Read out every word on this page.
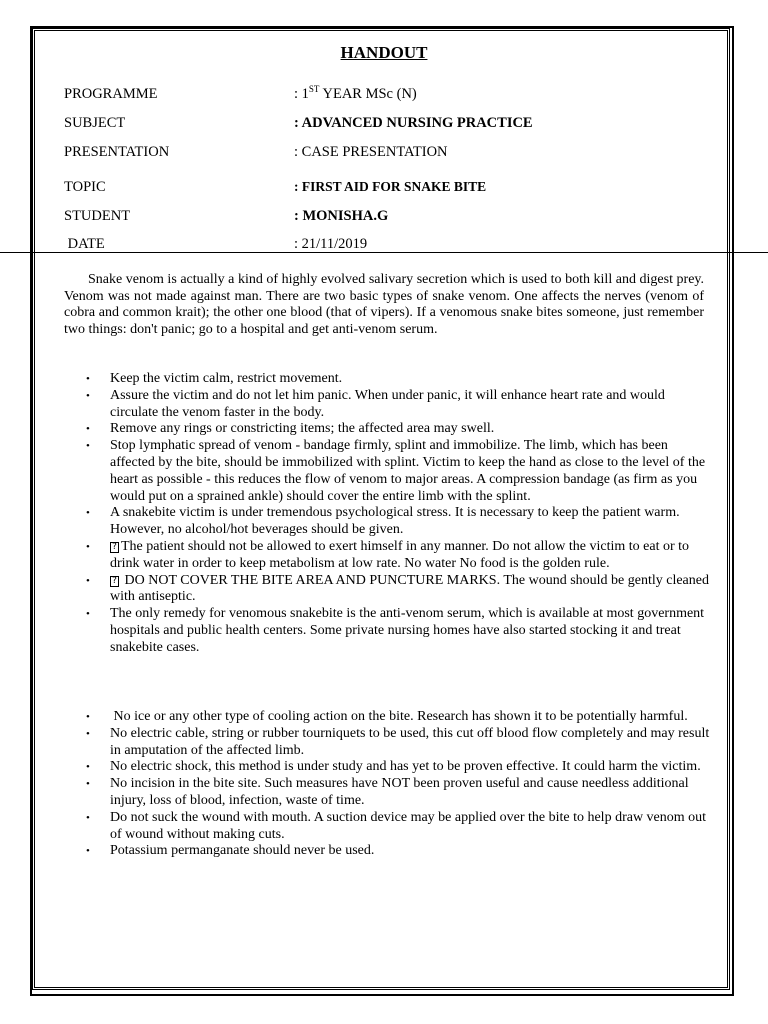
HANDOUT
PROGRAMME	: 1ST YEAR MSc (N)
SUBJECT	: ADVANCED NURSING PRACTICE
PRESENTATION	: CASE PRESENTATION
TOPIC	: FIRST AID FOR SNAKE BITE
STUDENT	: MONISHA.G
DATE	: 21/11/2019

Snake venom is actually a kind of highly evolved salivary secretion which is used to both kill and digest prey. Venom was not made against man. There are two basic types of snake venom. One affects the nerves (venom of cobra and common krait); the other one blood (that of vipers). If a venomous snake bites someone, just remember two things: don't panic; go to a hospital and get anti-venom serum.

• Keep the victim calm, restrict movement.
• Assure the victim and do not let him panic. When under panic, it will enhance heart rate and would circulate the venom faster in the body.
• Remove any rings or constricting items; the affected area may swell.
• Stop lymphatic spread of venom - bandage firmly, splint and immobilize. The limb, which has been affected by the bite, should be immobilized with splint. Victim to keep the hand as close to the level of the heart as possible - this reduces the flow of venom to major areas. A compression bandage (as firm as you would put on a sprained ankle) should cover the entire limb with the splint.
• A snakebite victim is under tremendous psychological stress. It is necessary to keep the patient warm. However, no alcohol/hot beverages should be given.
• ? The patient should not be allowed to exert himself in any manner. Do not allow the victim to eat or to drink water in order to keep metabolism at low rate. No water No food is the golden rule.
• ? DO NOT COVER THE BITE AREA AND PUNCTURE MARKS. The wound should be gently cleaned with antiseptic.
• The only remedy for venomous snakebite is the anti-venom serum, which is available at most government hospitals and public health centers. Some private nursing homes have also started stocking it and treat snakebite cases.
• No ice or any other type of cooling action on the bite. Research has shown it to be potentially harmful.
• No electric cable, string or rubber tourniquets to be used, this cut off blood flow completely and may result in amputation of the affected limb.
• No electric shock, this method is under study and has yet to be proven effective. It could harm the victim.
• No incision in the bite site. Such measures have NOT been proven useful and cause needless additional injury, loss of blood, infection, waste of time.
• Do not suck the wound with mouth. A suction device may be applied over the bite to help draw venom out of wound without making cuts.
• Potassium permanganate should never be used.
